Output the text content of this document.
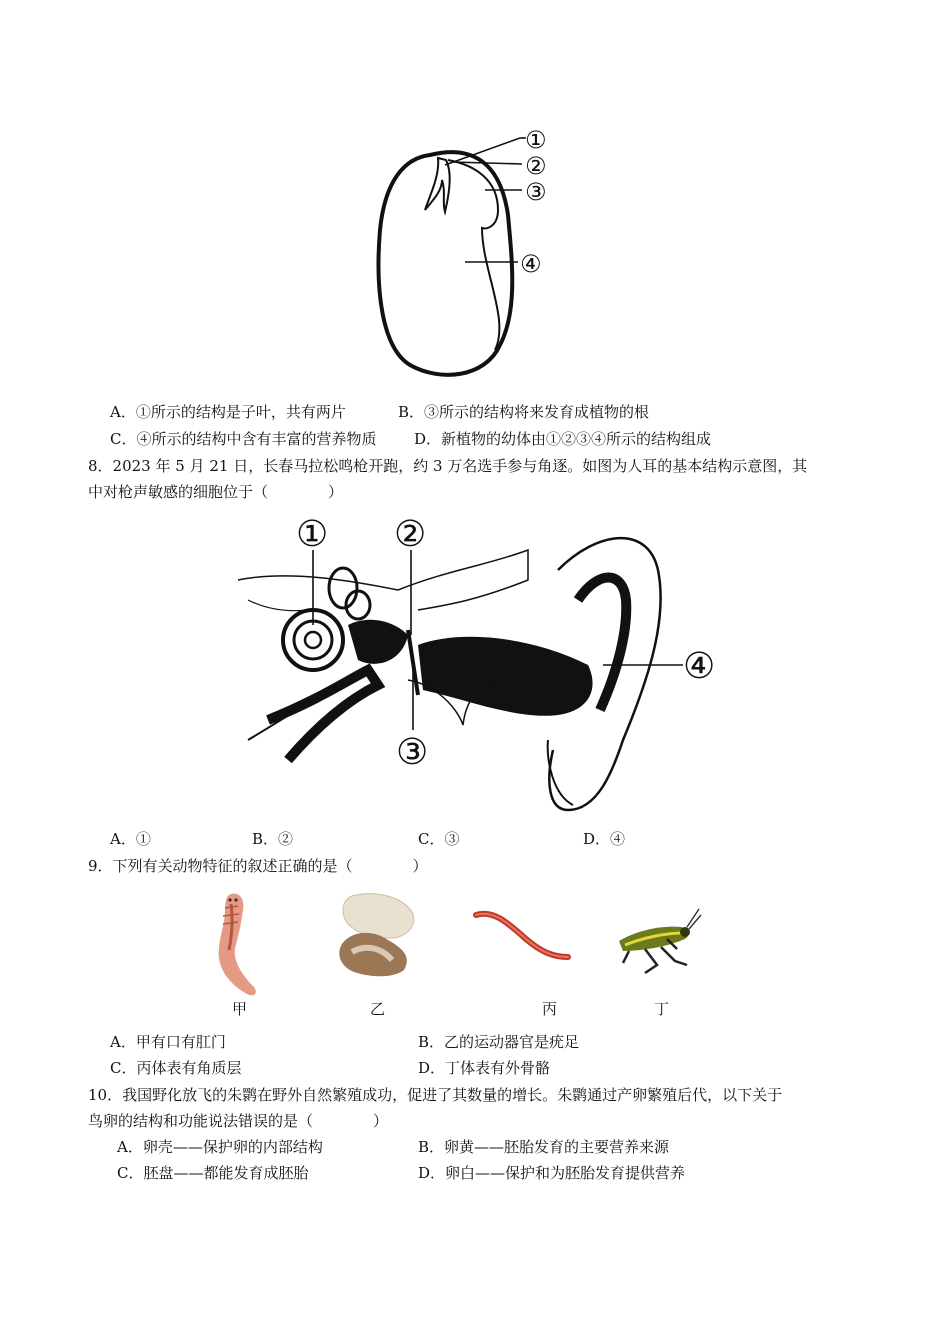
①
②
③
④
A．①所示的结构是子叶，共有两片	B．③所示的结构将来发育成植物的根
C．④所示的结构中含有丰富的营养物质	D．新植物的幼体由①②③④所示的结构组成
8．2023 年 5 月 21 日，长春马拉松鸣枪开跑，约 3 万名选手参与角逐。如图为人耳的基本结构示意图，其
中对枪声敏感的细胞位于（　　　　）
① ②
③
④
A．①	B．②	C．③	D．④
9．下列有关动物特征的叙述正确的是（　　　　）
甲	乙	丙	丁
A．甲有口有肛门	B．乙的运动器官是疣足
C．丙体表有角质层	D．丁体表有外骨骼
10．我国野化放飞的朱鹮在野外自然繁殖成功，促进了其数量的增长。朱鹮通过产卵繁殖后代，以下关于
鸟卵的结构和功能说法错误的是（　　　　）
A．卵壳——保护卵的内部结构	B．卵黄——胚胎发育的主要营养来源
C．胚盘——都能发育成胚胎	D．卵白——保护和为胚胎发育提供营养
